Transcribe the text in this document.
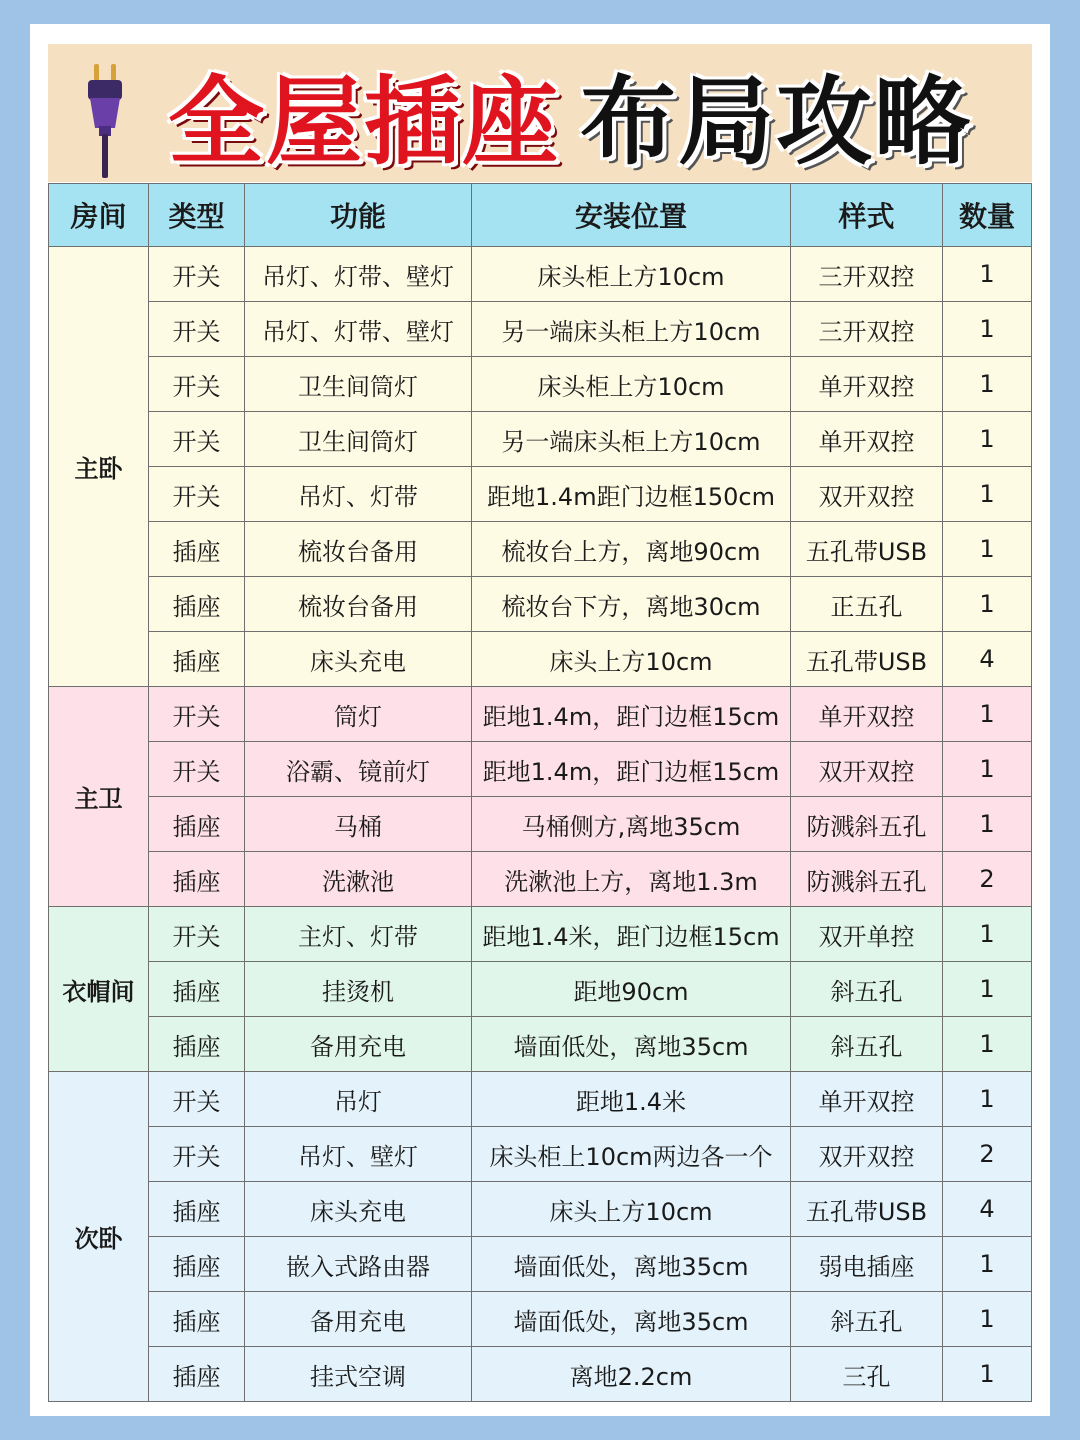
全屋插座 布局攻略
房间	类型	功能	安装位置	样式	数量
主卧	开关	吊灯、灯带、壁灯	床头柜上方10cm	三开双控	1
	开关	吊灯、灯带、壁灯	另一端床头柜上方10cm	三开双控	1
	开关	卫生间筒灯	床头柜上方10cm	单开双控	1
	开关	卫生间筒灯	另一端床头柜上方10cm	单开双控	1
	开关	吊灯、灯带	距地1.4m距门边框150cm	双开双控	1
	插座	梳妆台备用	梳妆台上方，离地90cm	五孔带USB	1
	插座	梳妆台备用	梳妆台下方，离地30cm	正五孔	1
	插座	床头充电	床头上方10cm	五孔带USB	4
主卫	开关	筒灯	距地1.4m，距门边框15cm	单开双控	1
	开关	浴霸、镜前灯	距地1.4m，距门边框15cm	双开双控	1
	插座	马桶	马桶侧方,离地35cm	防溅斜五孔	1
	插座	洗漱池	洗漱池上方，离地1.3m	防溅斜五孔	2
衣帽间	开关	主灯、灯带	距地1.4米，距门边框15cm	双开单控	1
	插座	挂烫机	距地90cm	斜五孔	1
	插座	备用充电	墙面低处，离地35cm	斜五孔	1
次卧	开关	吊灯	距地1.4米	单开双控	1
	开关	吊灯、壁灯	床头柜上10cm两边各一个	双开双控	2
	插座	床头充电	床头上方10cm	五孔带USB	4
	插座	嵌入式路由器	墙面低处，离地35cm	弱电插座	1
	插座	备用充电	墙面低处，离地35cm	斜五孔	1
	插座	挂式空调	离地2.2cm	三孔	1
